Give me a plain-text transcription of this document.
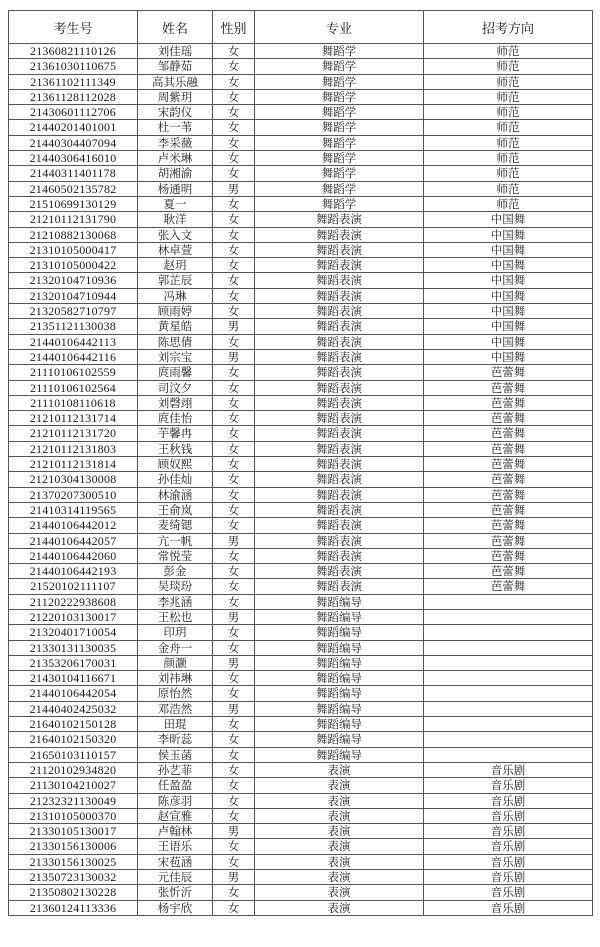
考生号	姓名	性别	专业	招考方向
21360821110126	刘佳瑶	女	舞蹈学	师范
21361030110675	邹静茹	女	舞蹈学	师范
21361102111349	高其乐融	女	舞蹈学	师范
21361128112028	周紫玥	女	舞蹈学	师范
21430601112706	宋韵仪	女	舞蹈学	师范
21440201401001	杜一苇	女	舞蹈学	师范
21440304407094	李采薇	女	舞蹈学	师范
21440306416010	卢米琳	女	舞蹈学	师范
21440311401178	胡湘渝	女	舞蹈学	师范
21460502135782	杨通明	男	舞蹈学	师范
21510699130129	夏一	女	舞蹈学	师范
21210112131790	耿洋	女	舞蹈表演	中国舞
21210882130068	张入文	女	舞蹈表演	中国舞
21310105000417	林卓萱	女	舞蹈表演	中国舞
21310105000422	赵玥	女	舞蹈表演	中国舞
21320104710936	郭芷辰	女	舞蹈表演	中国舞
21320104710944	冯琳	女	舞蹈表演	中国舞
21320582710797	顾雨婷	女	舞蹈表演	中国舞
21351121130038	黄星皓	男	舞蹈表演	中国舞
21440106442113	陈思倩	女	舞蹈表演	中国舞
21440106442116	刘宗宝	男	舞蹈表演	中国舞
21110106102559	庹雨馨	女	舞蹈表演	芭蕾舞
21110106102564	司汶夕	女	舞蹈表演	芭蕾舞
21110108110618	刘磬翊	女	舞蹈表演	芭蕾舞
21210112131714	庹佳怡	女	舞蹈表演	芭蕾舞
21210112131720	芋馨冉	女	舞蹈表演	芭蕾舞
21210112131803	王秋钱	女	舞蹈表演	芭蕾舞
21210112131814	顾奴熙	女	舞蹈表演	芭蕾舞
21210304130008	孙佳灿	女	舞蹈表演	芭蕾舞
21370207300510	林渝涵	女	舞蹈表演	芭蕾舞
21410314119565	王俞岚	女	舞蹈表演	芭蕾舞
21440106442012	麦绮锶	女	舞蹈表演	芭蕾舞
21440106442057	亢一帆	男	舞蹈表演	芭蕾舞
21440106442060	常悦莹	女	舞蹈表演	芭蕾舞
21440106442193	彭金	女	舞蹈表演	芭蕾舞
21520102111107	吴琰玢	女	舞蹈表演	芭蕾舞
21120222938608	李兆涵	女	舞蹈编导	
21220103130017	王松也	男	舞蹈编导	
21320401710054	印玥	女	舞蹈编导	
21330131130035	金舟一	女	舞蹈编导	
21353206170031	颜灏	男	舞蹈编导	
21430104116671	刘祎琳	女	舞蹈编导	
21440106442054	原怡然	女	舞蹈编导	
21440402425032	邓浩然	男	舞蹈编导	
21640102150128	田琨	女	舞蹈编导	
21640102150320	李昕蕊	女	舞蹈编导	
21650103110157	侯玉菡	女	舞蹈编导	
21120102934820	孙艺菲	女	表演	音乐剧
21130104210027	任盈盈	女	表演	音乐剧
21232321130049	陈彦羽	女	表演	音乐剧
21310105000370	赵宣雅	女	表演	音乐剧
21330105130017	卢翰林	男	表演	音乐剧
21330156130006	王语乐	女	表演	音乐剧
21330156130025	宋苞涵	女	表演	音乐剧
21350723130032	元佳辰	男	表演	音乐剧
21350802130228	张忻沂	女	表演	音乐剧
21360124113336	杨宇欣	女	表演	音乐剧
